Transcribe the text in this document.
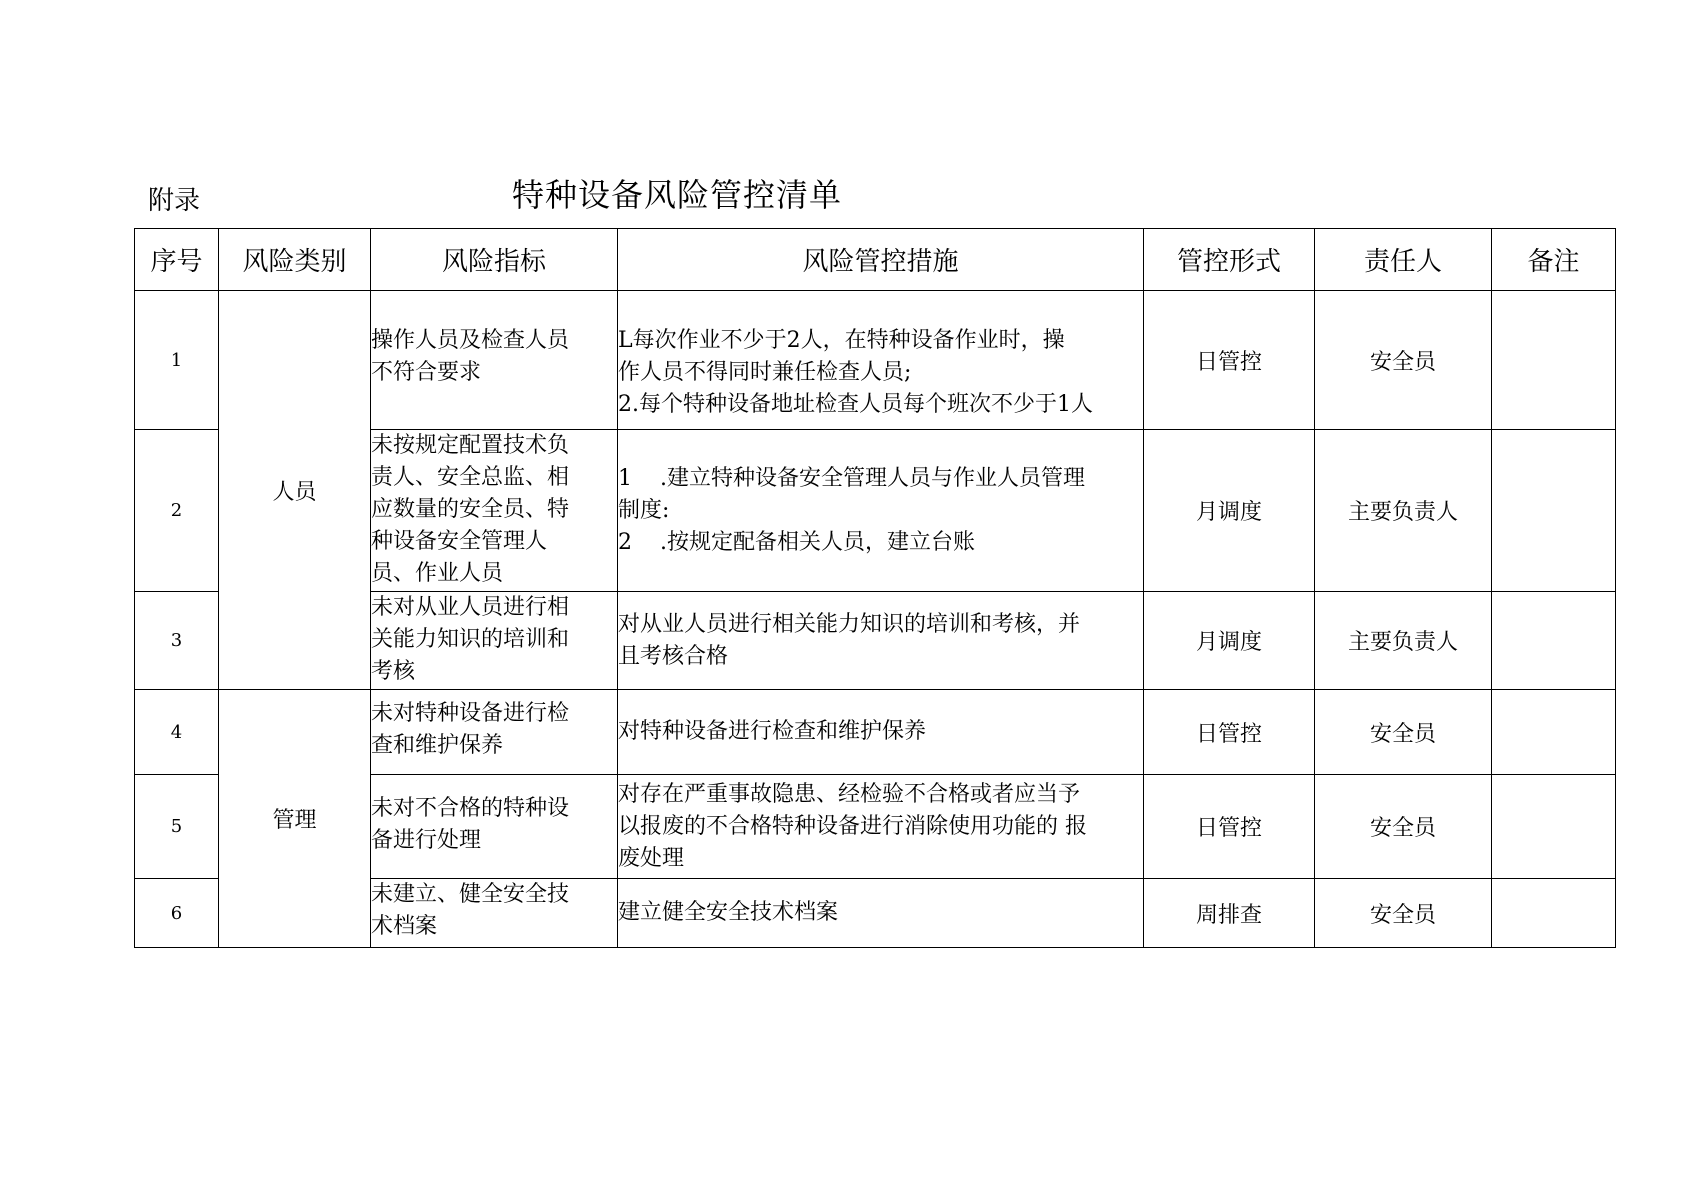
附录	特种设备风险管控清单
序号	风险类别	风险指标	风险管控措施	管控形式	责任人	备注
1	人员	操作人员及检查人员
不符合要求	L每次作业不少于2人，在特种设备作业时，操
作人员不得同时兼任检查人员;
2.每个特种设备地址检查人员每个班次不少于1人	日管控	安全员	
2		未按规定配置技术负
责人、安全总监、相
应数量的安全员、特
种设备安全管理人
员、作业人员	1    .建立特种设备安全管理人员与作业人员管理
制度:
2    .按规定配备相关人员，建立台账	月调度	主要负责人	
3		未对从业人员进行相
关能力知识的培训和
考核	对从业人员进行相关能力知识的培训和考核，并
且考核合格	月调度	主要负责人	
4	管理	未对特种设备进行检
查和维护保养	对特种设备进行检查和维护保养	日管控	安全员	
5		未对不合格的特种设
备进行处理	对存在严重事故隐患、经检验不合格或者应当予
以报废的不合格特种设备进行消除使用功能的 报
废处理	日管控	安全员	
6		未建立、健全安全技
术档案	建立健全安全技术档案	周排查	安全员	
